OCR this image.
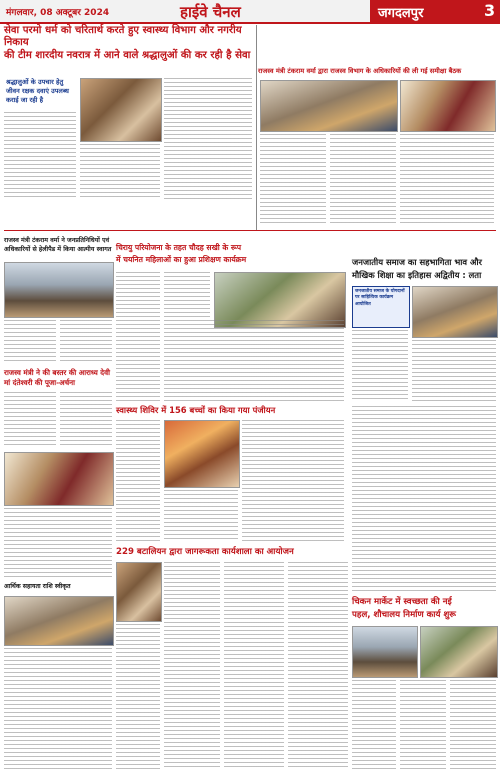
मंगलवार, 08 अक्टूबर 2024	हाईवे चैनल	जगदलपुर	3
सेवा परमो धर्म को चरितार्थ करते हुए स्वास्थ्य विभाग और नगरीय निकाय
की टीम शारदीय नवरात्र में आने वाले श्रद्धालुओं की कर रही है सेवा
श्रद्धालुओं के उपचार हेतु जीवन रक्षक दवाएं उपलब्ध कराई जा रही है
राजस्व मंत्री टंकराम वर्मा द्वारा राजस्व विभाग के अधिकारियों की ली गई समीक्षा बैठक
राजस्व मंत्री टंकराम वर्मा ने जनप्रतिनिधियों एवं अधिकारियों से हेलीपैड में किया आत्मीय स्वागत चिरायु परियोजना के तहत चौदह सखी के रूप
में चयनित महिलाओं का हुआ प्रशिक्षण कार्यक्रम	जनजातीय समाज का सहभागिता भाव और
मौखिक शिक्षा का इतिहास अद्वितीय : लता
जनजातीय समाज के योगदानों पर साहित्यिक कार्यक्रम आयोजित
राजस्व मंत्री ने की बस्तर की आराध्य देवी मां दंतेश्वरी की पूजा-अर्चना
स्वास्थ्य शिविर में 156 बच्चों का किया गया पंजीयन
229 बटालियन द्वारा जागरूकता कार्यशाला का आयोजन
चिकन मार्केट में स्वच्छता की नई
पहल, शौचालय निर्माण कार्य शुरू
आर्थिक सहायता राशि स्वीकृत
